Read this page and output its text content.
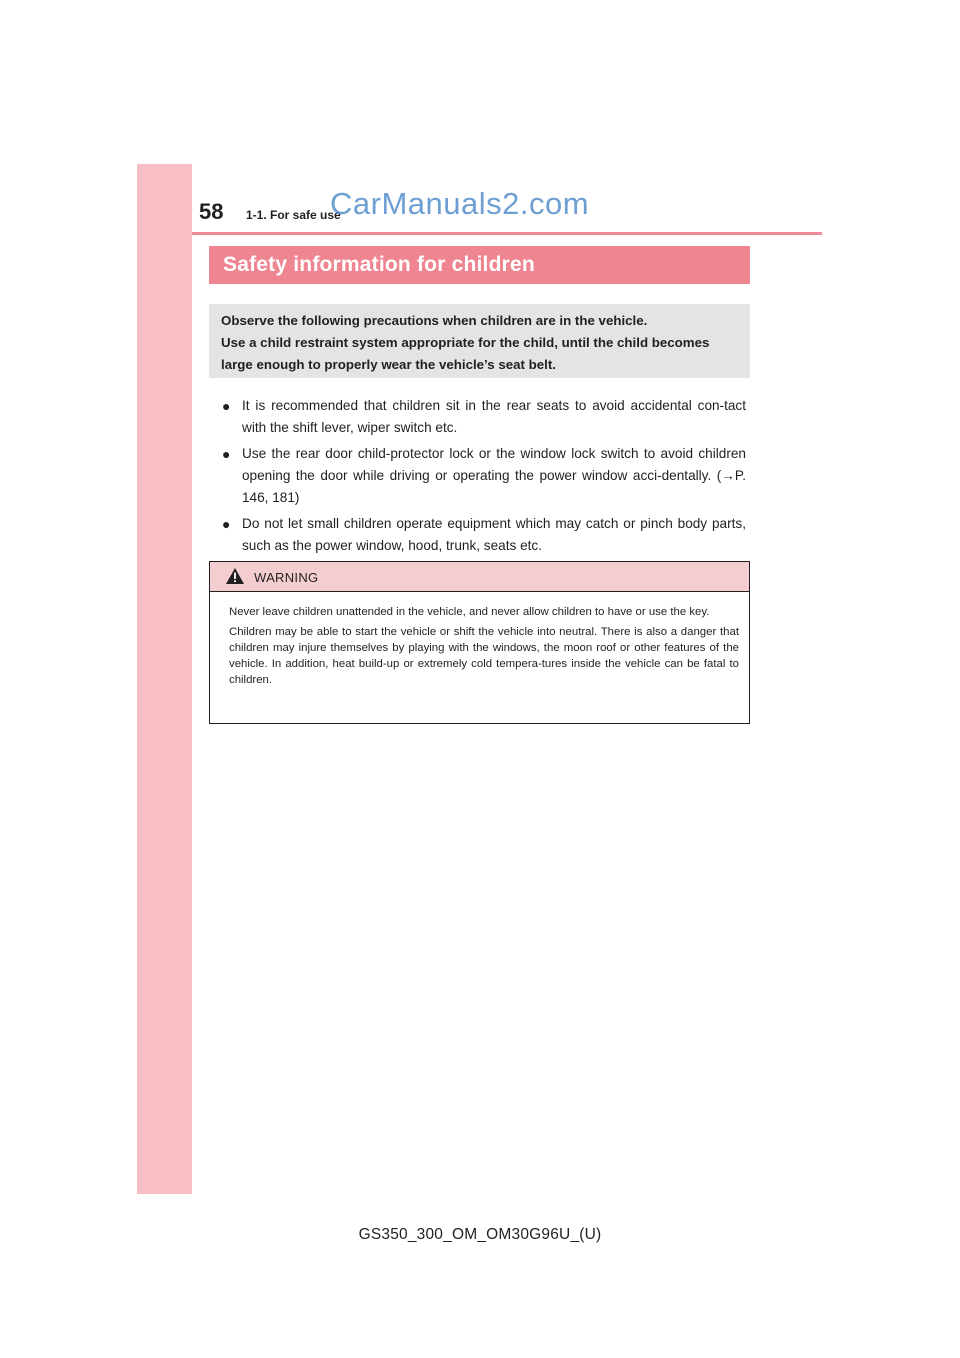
58 1-1. For safe use
CarManuals2.com
Safety information for children

Observe the following precautions when children are in the vehicle.

Use a child restraint system appropriate for the child, until the child becomes large enough to properly wear the vehicle’s seat belt.

● It is recommended that children sit in the rear seats to avoid accidental con-tact with the shift lever, wiper switch etc.
● Use the rear door child-protector lock or the window lock switch to avoid children opening the door while driving or operating the power window acci-dentally. (→P. 146, 181)
● Do not let small children operate equipment which may catch or pinch body parts, such as the power window, hood, trunk, seats etc.
WARNING

Never leave children unattended in the vehicle, and never allow children to have or use the key.

Children may be able to start the vehicle or shift the vehicle into neutral. There is also a danger that children may injure themselves by playing with the windows, the moon roof or other features of the vehicle. In addition, heat build-up or extremely cold tempera-tures inside the vehicle can be fatal to children.

GS350_300_OM_OM30G96U_(U)
